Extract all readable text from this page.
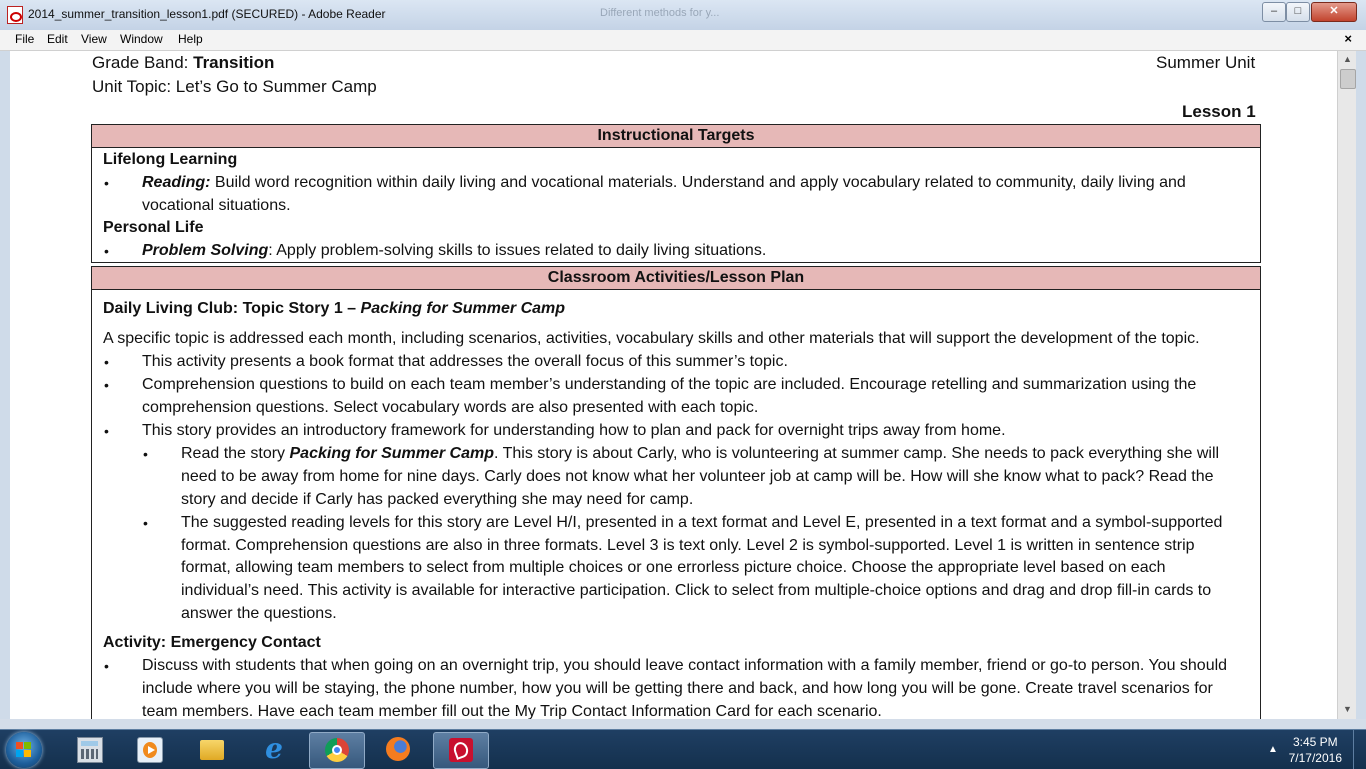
2014_summer_transition_lesson1.pdf (SECURED) - Adobe Reader	Different methods for y...	–	□	✕
File Edit View Window Help	×
Grade Band: Transition	Summer Unit
Unit Topic: Let’s Go to Summer Camp
Lesson 1
Instructional Targets
Lifelong Learning
• Reading: Build word recognition within daily living and vocational materials. Understand and apply vocabulary related to community, daily living and
vocational situations.
Personal Life
• Problem Solving: Apply problem-solving skills to issues related to daily living situations.
Classroom Activities/Lesson Plan
Daily Living Club: Topic Story 1 – Packing for Summer Camp
A specific topic is addressed each month, including scenarios, activities, vocabulary skills and other materials that will support the development of the topic.
• This activity presents a book format that addresses the overall focus of this summer’s topic.
• Comprehension questions to build on each team member’s understanding of the topic are included. Encourage retelling and summarization using the
comprehension questions. Select vocabulary words are also presented with each topic.
• This story provides an introductory framework for understanding how to plan and pack for overnight trips away from home.
• Read the story Packing for Summer Camp. This story is about Carly, who is volunteering at summer camp. She needs to pack everything she will
need to be away from home for nine days. Carly does not know what her volunteer job at camp will be. How will she know what to pack? Read the
story and decide if Carly has packed everything she may need for camp.
• The suggested reading levels for this story are Level H/I, presented in a text format and Level E, presented in a text format and a symbol-supported
format. Comprehension questions are also in three formats. Level 3 is text only. Level 2 is symbol-supported. Level 1 is written in sentence strip
format, allowing team members to select from multiple choices or one errorless picture choice. Choose the appropriate level based on each
individual’s need. This activity is available for interactive participation. Click to select from multiple-choice options and drag and drop fill-in cards to
answer the questions.
Activity: Emergency Contact
• Discuss with students that when going on an overnight trip, you should leave contact information with a family member, friend or go-to person. You should
include where you will be staying, the phone number, how you will be getting there and back, and how long you will be gone. Create travel scenarios for
team members. Have each team member fill out the My Trip Contact Information Card for each scenario.
▲
▼
e	▲
3:45 PM
7/17/2016
